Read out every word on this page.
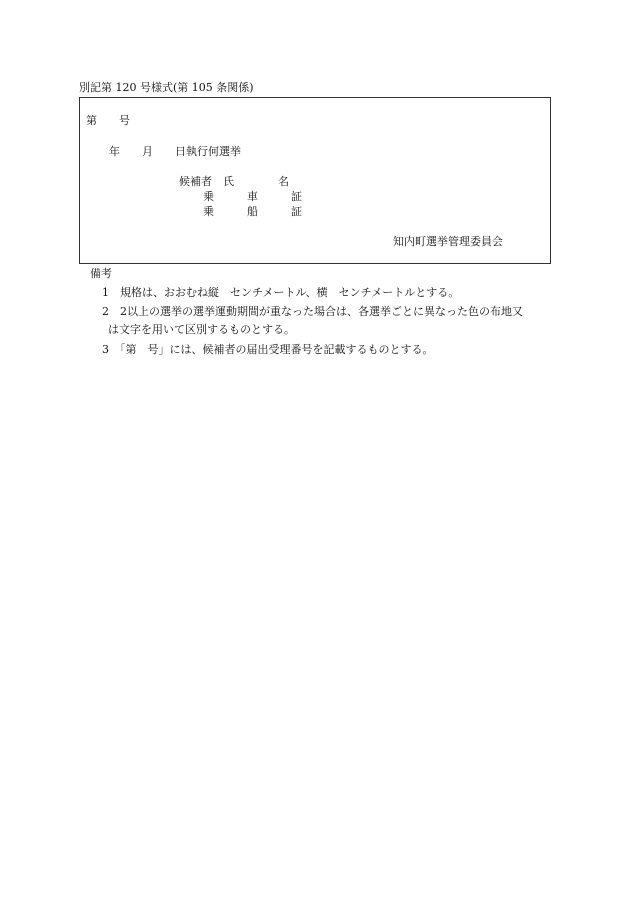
別記第 120 号様式(第 105 条関係)
第　　号
年　　月　　日執行何選挙
候補者　氏　　　　名
乗　　　車　　　証
乗　　　船　　　証
知内町選挙管理委員会
備考
1　規格は、おおむね縦　センチメートル、横　センチメートルとする。
2　2以上の選挙の選挙運動期間が重なった場合は、各選挙ごとに異なった色の布地又
は文字を用いて区別するものとする。
3　「第　号」には、候補者の届出受理番号を記載するものとする。
